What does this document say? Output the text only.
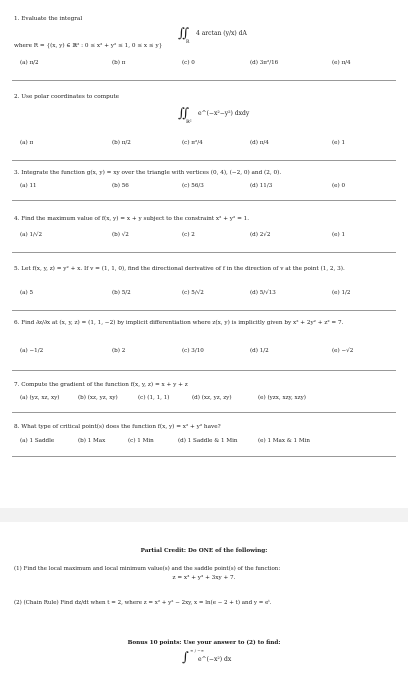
1. Evaluate the integral
∬
R
4 arctan (y/x) dA
where R = {(x, y) ∈ ℝ² : 0 ≤ x² + y² ≤ 1, 0 ≤ x ≤ y}
(a) π/2	(b) π	(c) 0	(d) 3π²/16	(e) π/4
2. Use polar coordinates to compute
∬
ℝ²
e^(−x²−y²) dxdy
(a) π	(b) π/2	(c) π²/4	(d) π/4	(e) 1
3. Integrate the function g(x, y) = xy over the triangle with vertices (0, 4), (−2, 0) and (2, 0).
(a) 11	(b) 56	(c) 56/3	(d) 11/3	(e) 0
4. Find the maximum value of f(x, y) = x + y subject to the constraint x² + y² = 1.
(a) 1/√2	(b) √2	(c) 2	(d) 2√2	(e) 1
5. Let f(x, y, z) = y² + x. If v = (1, 1, 0), find the directional derivative of f in the direction of v at the point (1, 2, 3).
(a) 5	(b) 5/2	(c) 5/√2	(d) 5/√13	(e) 1/2
6. Find ∂z/∂x at (x, y, z) = (1, 1, −2) by implicit differentiation where z(x, y) is implicitly given by x² + 2y² + z² = 7.
(a) −1/2	(b) 2	(c) 3/10	(d) 1/2	(e) −√2
7. Compute the gradient of the function f(x, y, z) = x + y + z
(a) (yz, xz, xy)	(b) (xz, yz, xy)	(c) (1, 1, 1)	(d) (xz, yz, zy)	(e) (yzx, xzy, xzy)
8. What type of critical point(s) does the function f(x, y) = x² + y² have?
(a) 1 Saddle	(b) 1 Max	(c) 1 Min	(d) 1 Saddle & 1 Min	(e) 1 Max & 1 Min
Partial Credit: Do ONE of the following:
(1) Find the local maximum and local minimum value(s) and the saddle point(s) of the function:
z = x³ + y³ + 3xy + 7.
(2) (Chain Rule) Find dz/dt when t = 2, where z = x² + y² − 2xy, x = ln(e − 2 + t) and y = eᵗ.
Bonus 10 points: Use your answer to (2) to find:
∫ ∞ / −∞
e^(−x²) dx
